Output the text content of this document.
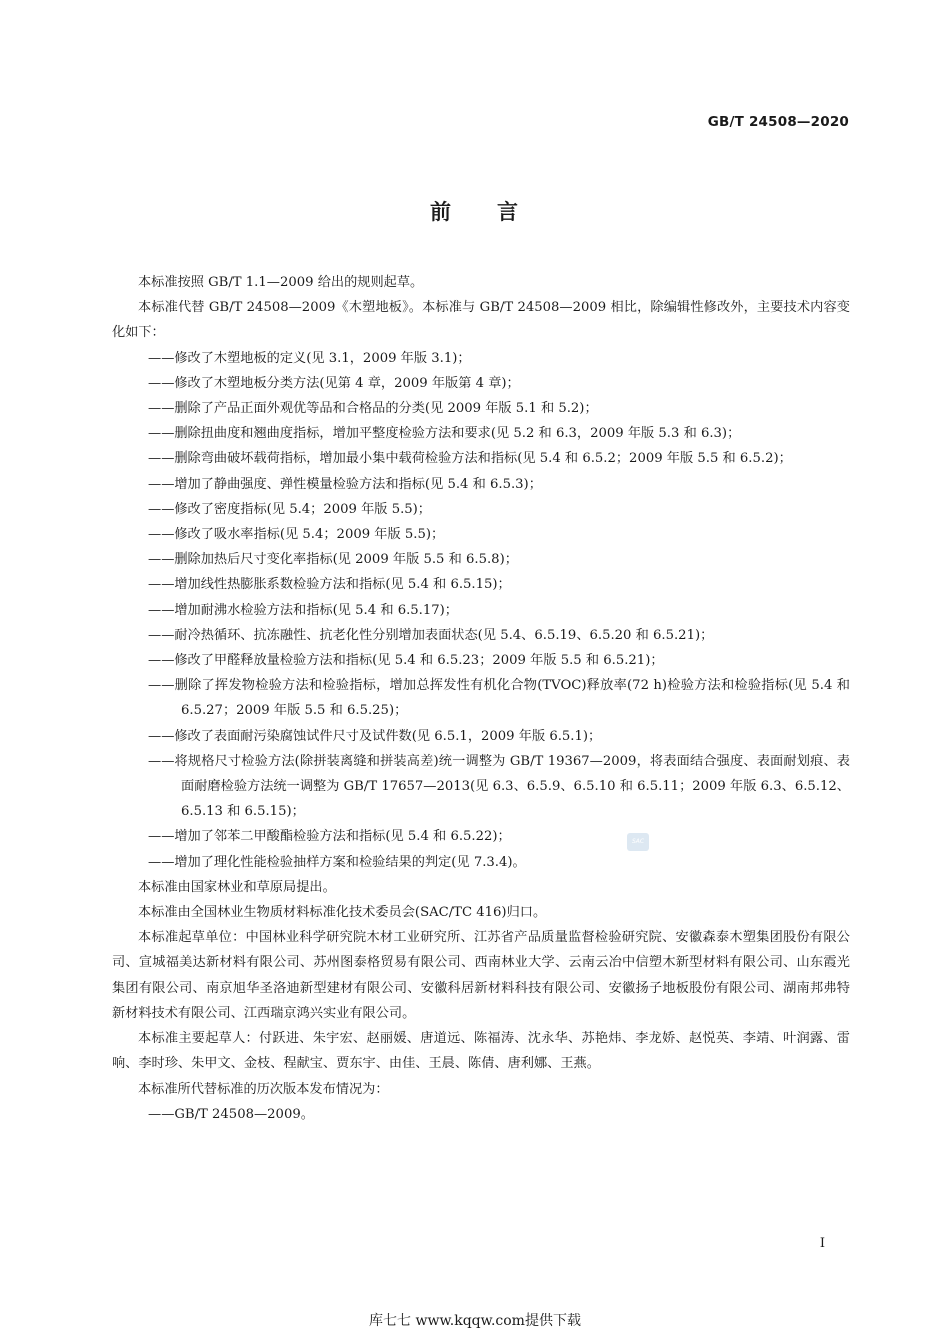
GB/T 24508—2020
前 言

本标准按照 GB/T 1.1—2009 给出的规则起草。

本标准代替 GB/T 24508—2009《木塑地板》。本标准与 GB/T 24508—2009 相比，除编辑性修改外，主要技术内容变化如下：

——修改了木塑地板的定义(见 3.1，2009 年版 3.1)；

——修改了木塑地板分类方法(见第 4 章，2009 年版第 4 章)；

——删除了产品正面外观优等品和合格品的分类(见 2009 年版 5.1 和 5.2)；

——删除扭曲度和翘曲度指标，增加平整度检验方法和要求(见 5.2 和 6.3，2009 年版 5.3 和 6.3)；

——删除弯曲破坏载荷指标，增加最小集中载荷检验方法和指标(见 5.4 和 6.5.2；2009 年版 5.5 和 6.5.2)；

——增加了静曲强度、弹性模量检验方法和指标(见 5.4 和 6.5.3)；

——修改了密度指标(见 5.4；2009 年版 5.5)；

——修改了吸水率指标(见 5.4；2009 年版 5.5)；

——删除加热后尺寸变化率指标(见 2009 年版 5.5 和 6.5.8)；

——增加线性热膨胀系数检验方法和指标(见 5.4 和 6.5.15)；

——增加耐沸水检验方法和指标(见 5.4 和 6.5.17)；

——耐冷热循环、抗冻融性、抗老化性分别增加表面状态(见 5.4、6.5.19、6.5.20 和 6.5.21)；

——修改了甲醛释放量检验方法和指标(见 5.4 和 6.5.23；2009 年版 5.5 和 6.5.21)；

——删除了挥发物检验方法和检验指标，增加总挥发性有机化合物(TVOC)释放率(72 h)检验方法和检验指标(见 5.4 和 6.5.27；2009 年版 5.5 和 6.5.25)；

——修改了表面耐污染腐蚀试件尺寸及试件数(见 6.5.1，2009 年版 6.5.1)；

——将规格尺寸检验方法(除拼装离缝和拼装高差)统一调整为 GB/T 19367—2009，将表面结合强度、表面耐划痕、表面耐磨检验方法统一调整为 GB/T 17657—2013(见 6.3、6.5.9、6.5.10 和 6.5.11；2009 年版 6.3、6.5.12、6.5.13 和 6.5.15)；

——增加了邻苯二甲酸酯检验方法和指标(见 5.4 和 6.5.22)；

——增加了理化性能检验抽样方案和检验结果的判定(见 7.3.4)。

本标准由国家林业和草原局提出。

本标准由全国林业生物质材料标准化技术委员会(SAC/TC 416)归口。

本标准起草单位：中国林业科学研究院木材工业研究所、江苏省产品质量监督检验研究院、安徽森泰木塑集团股份有限公司、宣城福美达新材料有限公司、苏州图泰格贸易有限公司、西南林业大学、云南云冶中信塑木新型材料有限公司、山东霞光集团有限公司、南京旭华圣洛迪新型建材有限公司、安徽科居新材料科技有限公司、安徽扬子地板股份有限公司、湖南邦弗特新材料技术有限公司、江西瑞京鸿兴实业有限公司。

本标准主要起草人：付跃进、朱宇宏、赵丽媛、唐道远、陈福涛、沈永华、苏艳炜、李龙娇、赵悦英、李靖、叶润露、雷响、李时珍、朱甲文、金枝、程献宝、贾东宇、由佳、王晨、陈倩、唐利娜、王燕。

本标准所代替标准的历次版本发布情况为：

——GB/T 24508—2009。

SAC
I
库七七 www.kqqw.com提供下载
